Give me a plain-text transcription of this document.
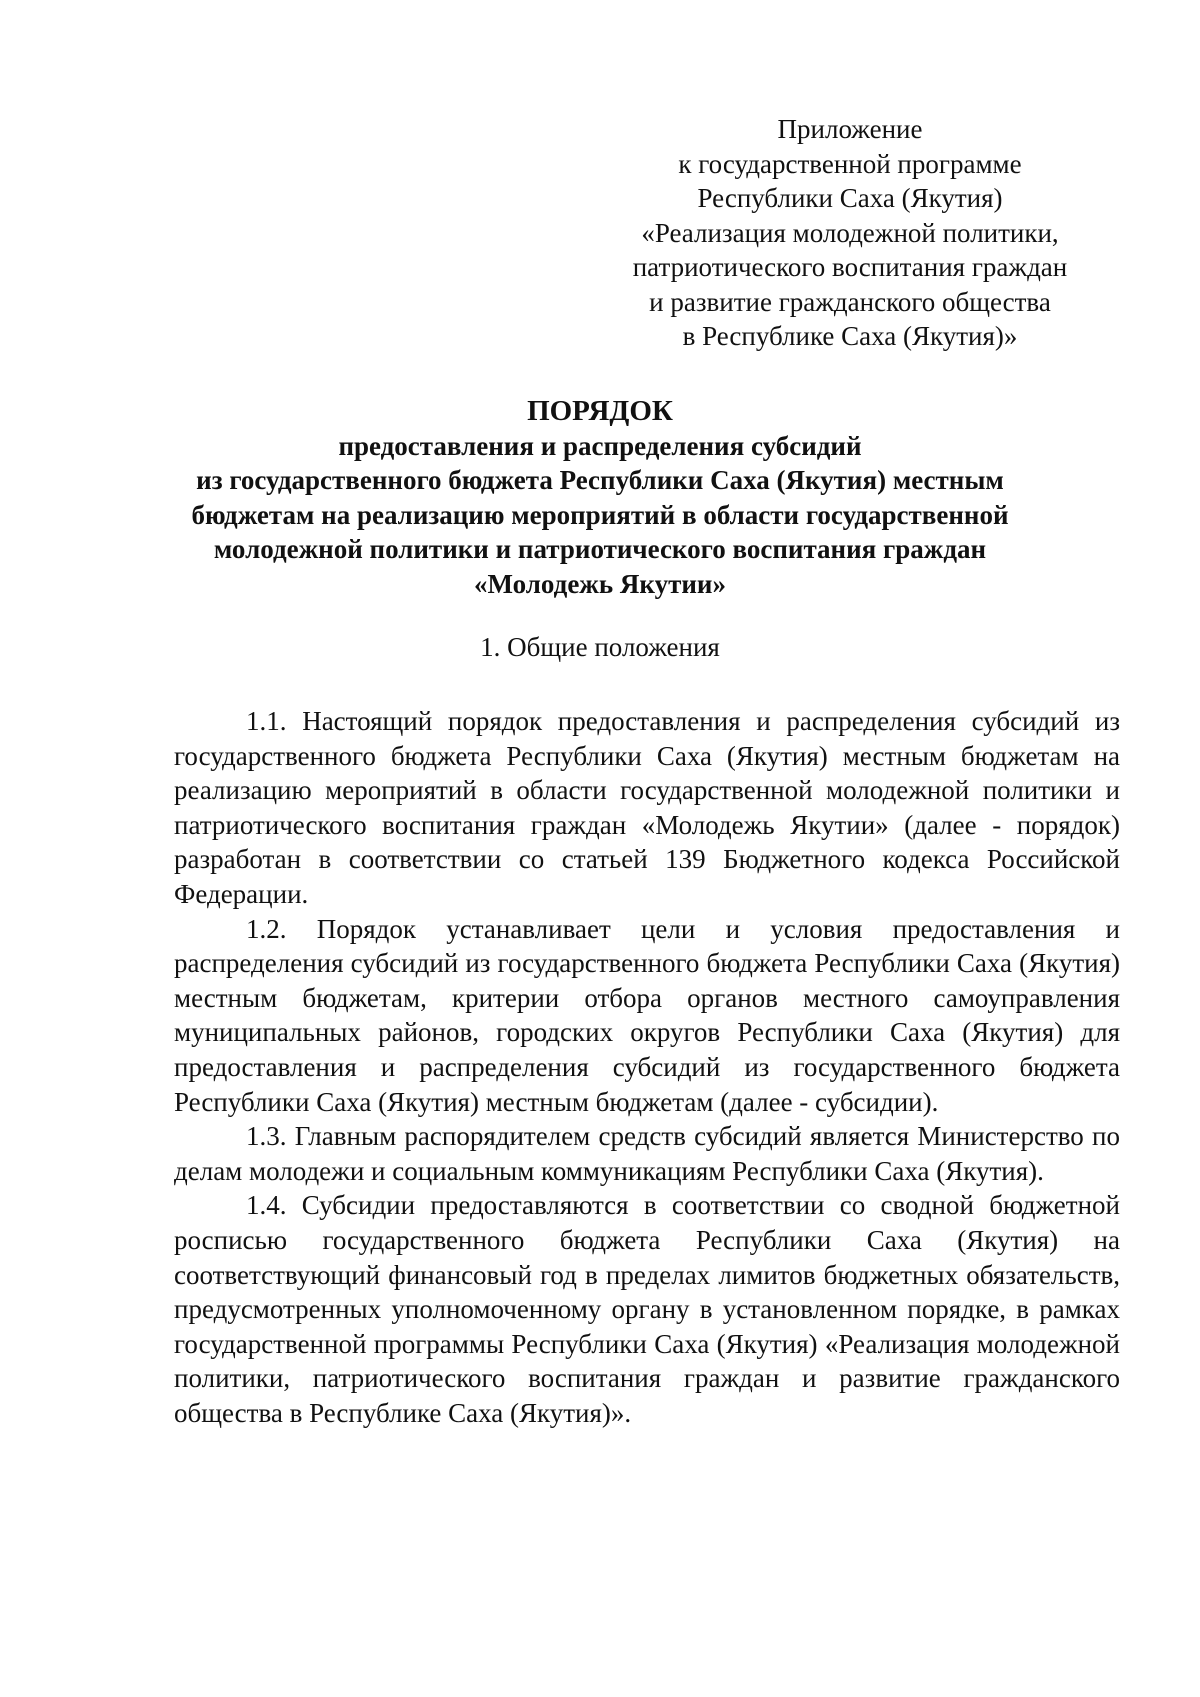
Приложение
к государственной программе
Республики Саха (Якутия)
«Реализация молодежной политики,
патриотического воспитания граждан
и развитие гражданского общества
в Республике Саха (Якутия)»
ПОРЯДОК
предоставления и распределения субсидий
из государственного бюджета Республики Саха (Якутия) местным
бюджетам на реализацию мероприятий в области государственной
молодежной политики и патриотического воспитания граждан
«Молодежь Якутии»
1. Общие положения

1.1. Настоящий порядок предоставления и распределения субсидий из государственного бюджета Республики Саха (Якутия) местным бюджетам на реализацию мероприятий в области государственной молодежной политики и патриотического воспитания граждан «Молодежь Якутии» (далее - порядок) разработан в соответствии со статьей 139 Бюджетного кодекса Российской Федерации.

1.2. Порядок устанавливает цели и условия предоставления и распределения субсидий из государственного бюджета Республики Саха (Якутия) местным бюджетам, критерии отбора органов местного самоуправления муниципальных районов, городских округов Республики Саха (Якутия) для предоставления и распределения субсидий из государственного бюджета Республики Саха (Якутия) местным бюджетам (далее - субсидии).

1.3. Главным распорядителем средств субсидий является Министерство по делам молодежи и социальным коммуникациям Республики Саха (Якутия).

1.4. Субсидии предоставляются в соответствии со сводной бюджетной росписью государственного бюджета Республики Саха (Якутия) на соответствующий финансовый год в пределах лимитов бюджетных обязательств, предусмотренных уполномоченному органу в установленном порядке, в рамках государственной программы Республики Саха (Якутия) «Реализация молодежной политики, патриотического воспитания граждан и развитие гражданского общества в Республике Саха (Якутия)».
